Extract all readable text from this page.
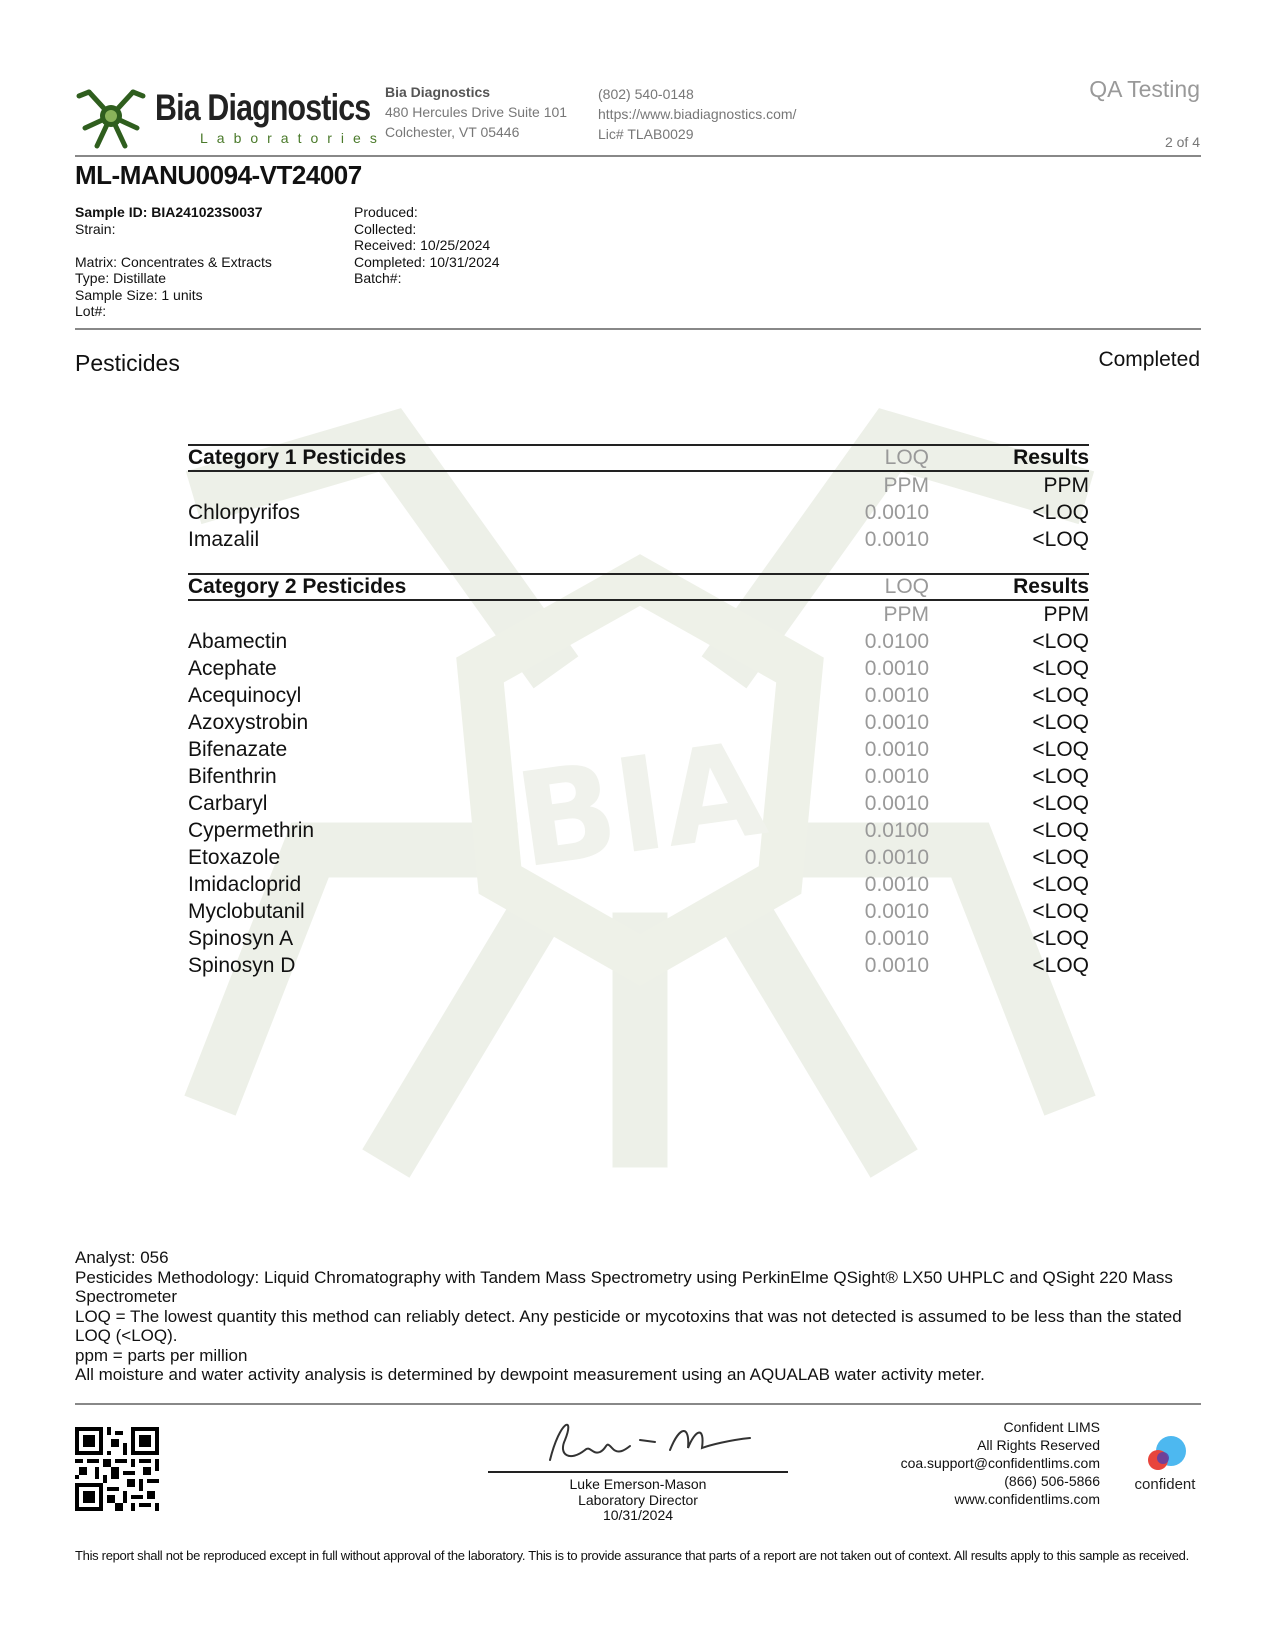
BIA
Bia Diagnostics
Laboratories
Bia Diagnostics
480 Hercules Drive Suite 101
Colchester, VT 05446
(802) 540-0148
https://www.biadiagnostics.com/
Lic# TLAB0029
QA Testing
2 of 4
ML-MANU0094-VT24007
Sample ID: BIA241023S0037
Strain:
Matrix: Concentrates & Extracts
Type: Distillate
Sample Size: 1 units
Lot#:
Produced:
Collected:
Received: 10/25/2024
Completed: 10/31/2024
Batch#:
Pesticides	Completed
Category 1 Pesticides	LOQ	Results
	PPM	PPM
Chlorpyrifos	0.0010	<LOQ
Imazalil	0.0010	<LOQ
Category 2 Pesticides	LOQ	Results
	PPM	PPM
Abamectin	0.0100	<LOQ
Acephate	0.0010	<LOQ
Acequinocyl	0.0010	<LOQ
Azoxystrobin	0.0010	<LOQ
Bifenazate	0.0010	<LOQ
Bifenthrin	0.0010	<LOQ
Carbaryl	0.0010	<LOQ
Cypermethrin	0.0100	<LOQ
Etoxazole	0.0010	<LOQ
Imidacloprid	0.0010	<LOQ
Myclobutanil	0.0010	<LOQ
Spinosyn A	0.0010	<LOQ
Spinosyn D	0.0010	<LOQ
Analyst: 056
Pesticides Methodology: Liquid Chromatography with Tandem Mass Spectrometry using PerkinElme QSight® LX50 UHPLC and QSight 220 Mass Spectrometer
LOQ = The lowest quantity this method can reliably detect. Any pesticide or mycotoxins that was not detected is assumed to be less than the stated LOQ (<LOQ).
ppm = parts per million
All moisture and water activity analysis is determined by dewpoint measurement using an AQUALAB water activity meter.
Luke Emerson-Mason
Laboratory Director
10/31/2024
Confident LIMS
All Rights Reserved
coa.support@confidentlims.com
(866) 506-5866
www.confidentlims.com
confident
This report shall not be reproduced except in full without approval of the laboratory. This is to provide assurance that parts of a report are not taken out of context. All results apply to this sample as received.
